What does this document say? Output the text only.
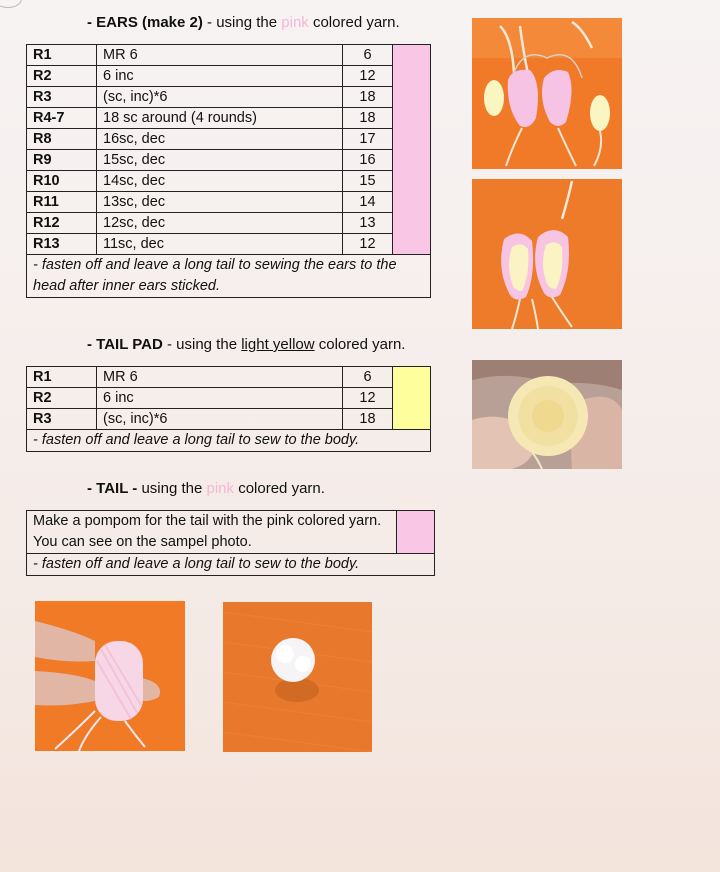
- EARS (make 2) - using the pink colored yarn.
R1	MR 6	6	
R2	6 inc	12	
R3	(sc, inc)*6	18	
R4-7	18 sc around (4 rounds)	18	
R8	16sc, dec	17	
R9	15sc, dec	16	
R10	14sc, dec	15	
R11	13sc, dec	14	
R12	12sc, dec	13	
R13	11sc, dec	12	
- fasten off and leave a long tail to sewing the ears to the head after inner ears sticked.			
- TAIL PAD - using the light yellow colored yarn.
R1	MR 6	6	
R2	6 inc	12	
R3	(sc, inc)*6	18	
- fasten off and leave a long tail to sew to the body.			
- TAIL - using the pink colored yarn.
Make a pompom for the tail with the pink colored yarn. You can see on the sampel photo.	
- fasten off and leave a long tail to sew to the body.
